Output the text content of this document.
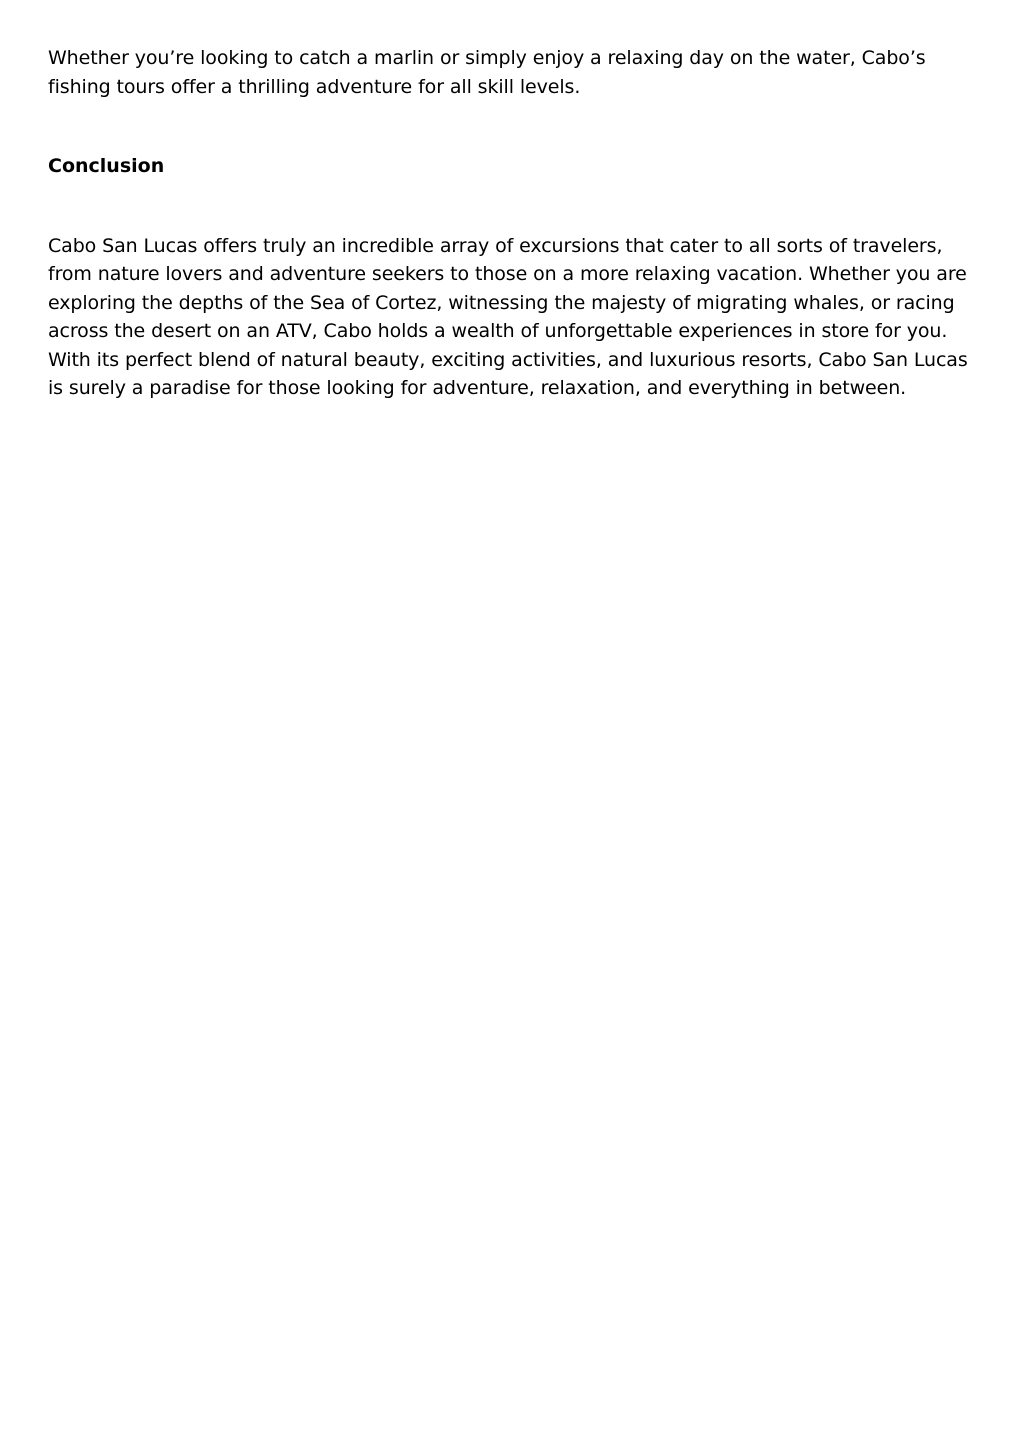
Whether you’re looking to catch a marlin or simply enjoy a relaxing day on the water, Cabo’s fishing tours offer a thrilling adventure for all skill levels.

Conclusion

Cabo San Lucas offers truly an incredible array of excursions that cater to all sorts of travelers, from nature lovers and adventure seekers to those on a more relaxing vacation. Whether you are exploring the depths of the Sea of Cortez, witnessing the majesty of migrating whales, or racing across the desert on an ATV, Cabo holds a wealth of unforgettable experiences in store for you. With its perfect blend of natural beauty, exciting activities, and luxurious resorts, Cabo San Lucas is surely a paradise for those looking for adventure, relaxation, and everything in between.
